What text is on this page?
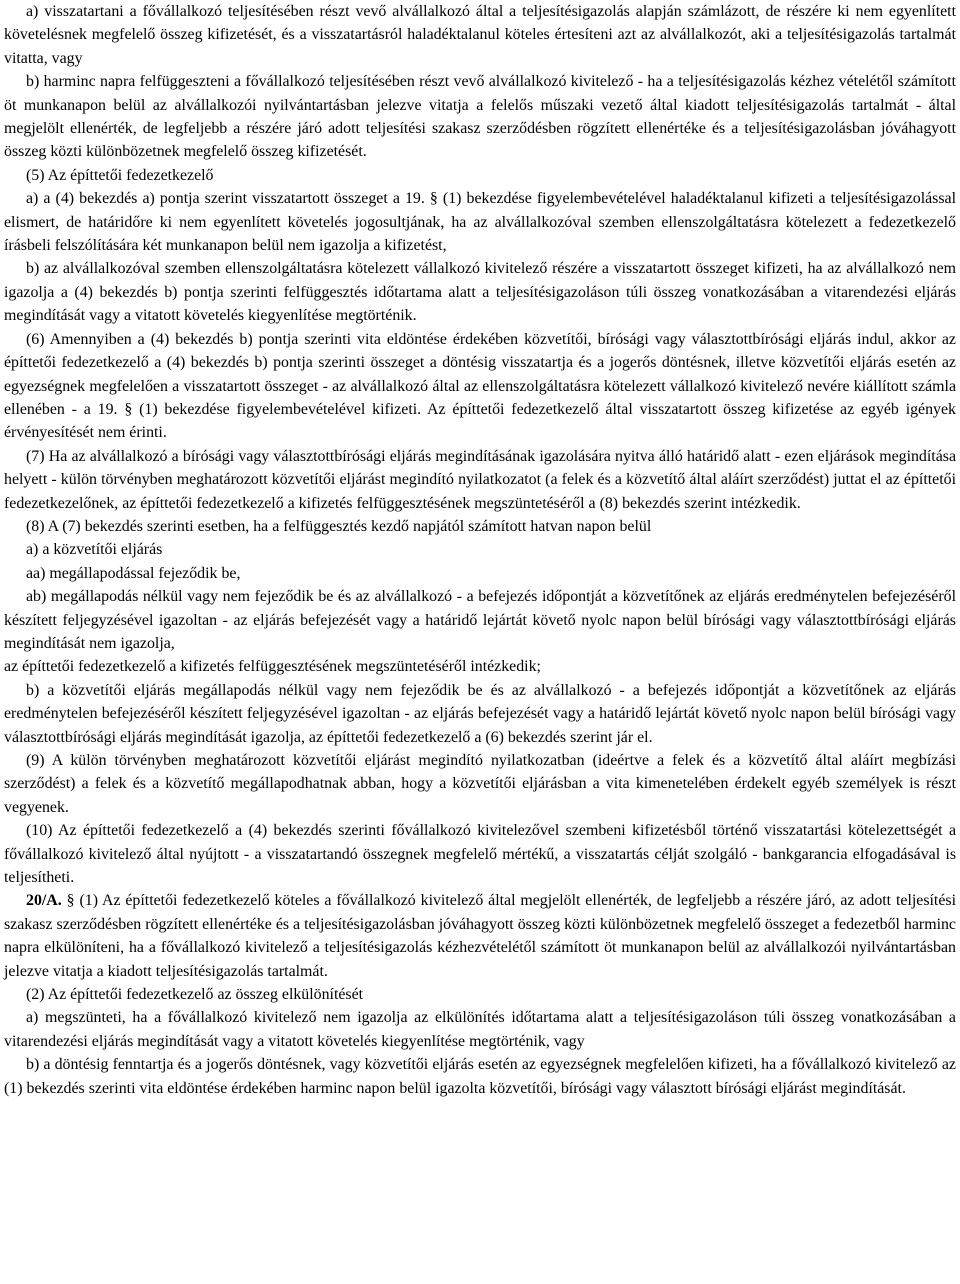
a) visszatartani a fővállalkozó teljesítésében részt vevő alvállalkozó által a teljesítésigazolás alapján számlázott, de részére ki nem egyenlített követelésnek megfelelő összeg kifizetését, és a visszatartásról haladéktalanul köteles értesíteni azt az alvállalkozót, aki a teljesítésigazolás tartalmát vitatta, vagy

b) harminc napra felfüggeszteni a fővállalkozó teljesítésében részt vevő alvállalkozó kivitelező - ha a teljesítésigazolás kézhez vételétől számított öt munkanapon belül az alvállalkozói nyilvántartásban jelezve vitatja a felelős műszaki vezető által kiadott teljesítésigazolás tartalmát - által megjelölt ellenérték, de legfeljebb a részére járó adott teljesítési szakasz szerződésben rögzített ellenértéke és a teljesítésigazolásban jóváhagyott összeg közti különbözetnek megfelelő összeg kifizetését.

(5) Az építtetői fedezetkezelő

a) a (4) bekezdés a) pontja szerint visszatartott összeget a 19. § (1) bekezdése figyelembevételével haladéktalanul kifizeti a teljesítésigazolással elismert, de határidőre ki nem egyenlített követelés jogosultjának, ha az alvállalkozóval szemben ellenszolgáltatásra kötelezett a fedezetkezelő írásbeli felszólítására két munkanapon belül nem igazolja a kifizetést,

b) az alvállalkozóval szemben ellenszolgáltatásra kötelezett vállalkozó kivitelező részére a visszatartott összeget kifizeti, ha az alvállalkozó nem igazolja a (4) bekezdés b) pontja szerinti felfüggesztés időtartama alatt a teljesítésigazoláson túli összeg vonatkozásában a vitarendezési eljárás megindítását vagy a vitatott követelés kiegyenlítése megtörténik.

(6) Amennyiben a (4) bekezdés b) pontja szerinti vita eldöntése érdekében közvetítői, bírósági vagy választottbírósági eljárás indul, akkor az építtetői fedezetkezelő a (4) bekezdés b) pontja szerinti összeget a döntésig visszatartja és a jogerős döntésnek, illetve közvetítői eljárás esetén az egyezségnek megfelelően a visszatartott összeget - az alvállalkozó által az ellenszolgáltatásra kötelezett vállalkozó kivitelező nevére kiállított számla ellenében - a 19. § (1) bekezdése figyelembevételével kifizeti. Az építtetői fedezetkezelő által visszatartott összeg kifizetése az egyéb igények érvényesítését nem érinti.

(7) Ha az alvállalkozó a bírósági vagy választottbírósági eljárás megindításának igazolására nyitva álló határidő alatt - ezen eljárások megindítása helyett - külön törvényben meghatározott közvetítői eljárást megindító nyilatkozatot (a felek és a közvetítő által aláírt szerződést) juttat el az építtetői fedezetkezelőnek, az építtetői fedezetkezelő a kifizetés felfüggesztésének megszüntetéséről a (8) bekezdés szerint intézkedik.

(8) A (7) bekezdés szerinti esetben, ha a felfüggesztés kezdő napjától számított hatvan napon belül

a) a közvetítői eljárás

aa) megállapodással fejeződik be,

ab) megállapodás nélkül vagy nem fejeződik be és az alvállalkozó - a befejezés időpontját a közvetítőnek az eljárás eredménytelen befejezéséről készített feljegyzésével igazoltan - az eljárás befejezését vagy a határidő lejártát követő nyolc napon belül bírósági vagy választottbírósági eljárás megindítását nem igazolja,

az építtetői fedezetkezelő a kifizetés felfüggesztésének megszüntetéséről intézkedik;

b) a közvetítői eljárás megállapodás nélkül vagy nem fejeződik be és az alvállalkozó - a befejezés időpontját a közvetítőnek az eljárás eredménytelen befejezéséről készített feljegyzésével igazoltan - az eljárás befejezését vagy a határidő lejártát követő nyolc napon belül bírósági vagy választottbírósági eljárás megindítását igazolja, az építtetői fedezetkezelő a (6) bekezdés szerint jár el.

(9) A külön törvényben meghatározott közvetítői eljárást megindító nyilatkozatban (ideértve a felek és a közvetítő által aláírt megbízási szerződést) a felek és a közvetítő megállapodhatnak abban, hogy a közvetítői eljárásban a vita kimenetelében érdekelt egyéb személyek is részt vegyenek.

(10) Az építtetői fedezetkezelő a (4) bekezdés szerinti fővállalkozó kivitelezővel szembeni kifizetésből történő visszatartási kötelezettségét a fővállalkozó kivitelező által nyújtott - a visszatartandó összegnek megfelelő mértékű, a visszatartás célját szolgáló - bankgarancia elfogadásával is teljesítheti.

20/A. § (1) Az építtetői fedezetkezelő köteles a fővállalkozó kivitelező által megjelölt ellenérték, de legfeljebb a részére járó, az adott teljesítési szakasz szerződésben rögzített ellenértéke és a teljesítésigazolásban jóváhagyott összeg közti különbözetnek megfelelő összeget a fedezetből harminc napra elkülöníteni, ha a fővállalkozó kivitelező a teljesítésigazolás kézhezvételétől számított öt munkanapon belül az alvállalkozói nyilvántartásban jelezve vitatja a kiadott teljesítésigazolás tartalmát.

(2) Az építtetői fedezetkezelő az összeg elkülönítését

a) megszünteti, ha a fővállalkozó kivitelező nem igazolja az elkülönítés időtartama alatt a teljesítésigazoláson túli összeg vonatkozásában a vitarendezési eljárás megindítását vagy a vitatott követelés kiegyenlítése megtörténik, vagy

b) a döntésig fenntartja és a jogerős döntésnek, vagy közvetítői eljárás esetén az egyezségnek megfelelően kifizeti, ha a fővállalkozó kivitelező az (1) bekezdés szerinti vita eldöntése érdekében harminc napon belül igazolta közvetítői, bírósági vagy választott bírósági eljárást megindítását.
